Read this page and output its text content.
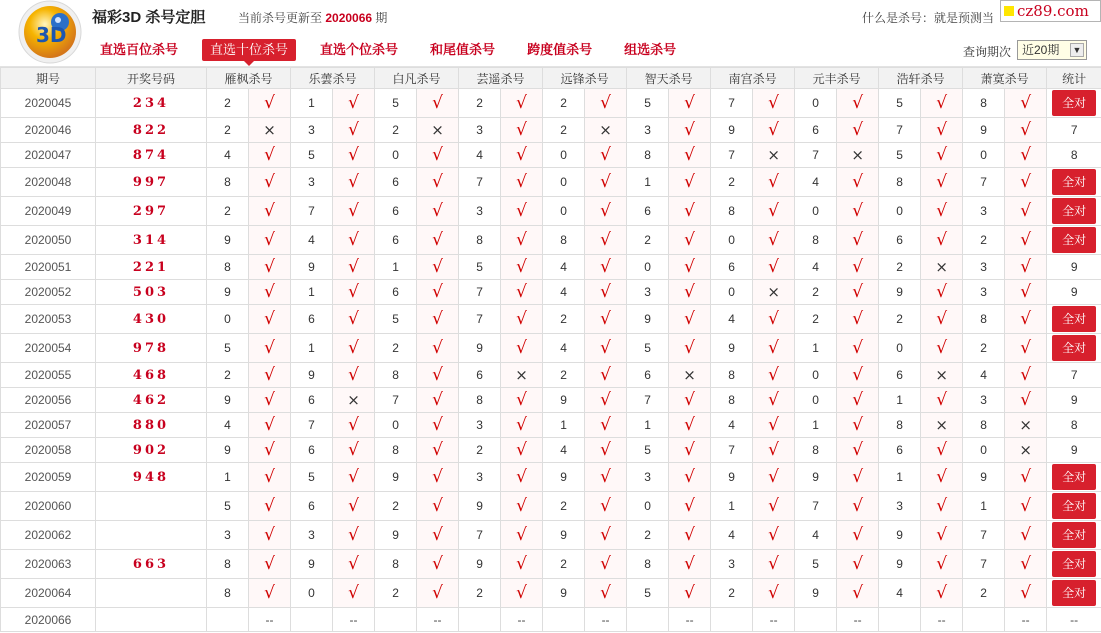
3D
福彩3D 杀号定胆	当前杀号更新至 2020066 期	什么是杀号：就是预测当	cz89.com
直选百位杀号	直选十位杀号	直选个位杀号	和尾值杀号	跨度值杀号	组选杀号	查询期次 近20期 ▼
期号	开奖号码	雁枫杀号		乐蕓杀号		白凡杀号		芸遥杀号		远锋杀号		智天杀号		南宫杀号		元丰杀号		浩轩杀号		萧寞杀号		统计
2020045	234	2	√	1	√	5	√	2	√	2	√	5	√	7	√	0	√	5	√	8	√	全对
2020046	822	2	×	3	√	2	×	3	√	2	×	3	√	9	√	6	√	7	√	9	√	7
2020047	874	4	√	5	√	0	√	4	√	0	√	8	√	7	×	7	×	5	√	0	√	8
2020048	997	8	√	3	√	6	√	7	√	0	√	1	√	2	√	4	√	8	√	7	√	全对
2020049	297	2	√	7	√	6	√	3	√	0	√	6	√	8	√	0	√	0	√	3	√	全对
2020050	314	9	√	4	√	6	√	8	√	8	√	2	√	0	√	8	√	6	√	2	√	全对
2020051	221	8	√	9	√	1	√	5	√	4	√	0	√	6	√	4	√	2	×	3	√	9
2020052	503	9	√	1	√	6	√	7	√	4	√	3	√	0	×	2	√	9	√	3	√	9
2020053	430	0	√	6	√	5	√	7	√	2	√	9	√	4	√	2	√	2	√	8	√	全对
2020054	978	5	√	1	√	2	√	9	√	4	√	5	√	9	√	1	√	0	√	2	√	全对
2020055	468	2	√	9	√	8	√	6	×	2	√	6	×	8	√	0	√	6	×	4	√	7
2020056	462	9	√	6	×	7	√	8	√	9	√	7	√	8	√	0	√	1	√	3	√	9
2020057	880	4	√	7	√	0	√	3	√	1	√	1	√	4	√	1	√	8	×	8	×	8
2020058	902	9	√	6	√	8	√	2	√	4	√	5	√	7	√	8	√	6	√	0	×	9
2020059	948	1	√	5	√	9	√	3	√	9	√	3	√	9	√	9	√	1	√	9	√	全对
2020060		5	√	6	√	2	√	9	√	2	√	0	√	1	√	7	√	3	√	1	√	全对
2020062		3	√	3	√	9	√	7	√	9	√	2	√	4	√	4	√	9	√	7	√	全对
2020063	663	8	√	9	√	8	√	9	√	2	√	8	√	3	√	5	√	9	√	7	√	全对
2020064		8	√	0	√	2	√	2	√	9	√	5	√	2	√	9	√	4	√	2	√	全对
2020066	当前期杀号	9	--	6	--	4	--	0	--	7	--	2	--	1	--	2	--	9	--	1	--	--
